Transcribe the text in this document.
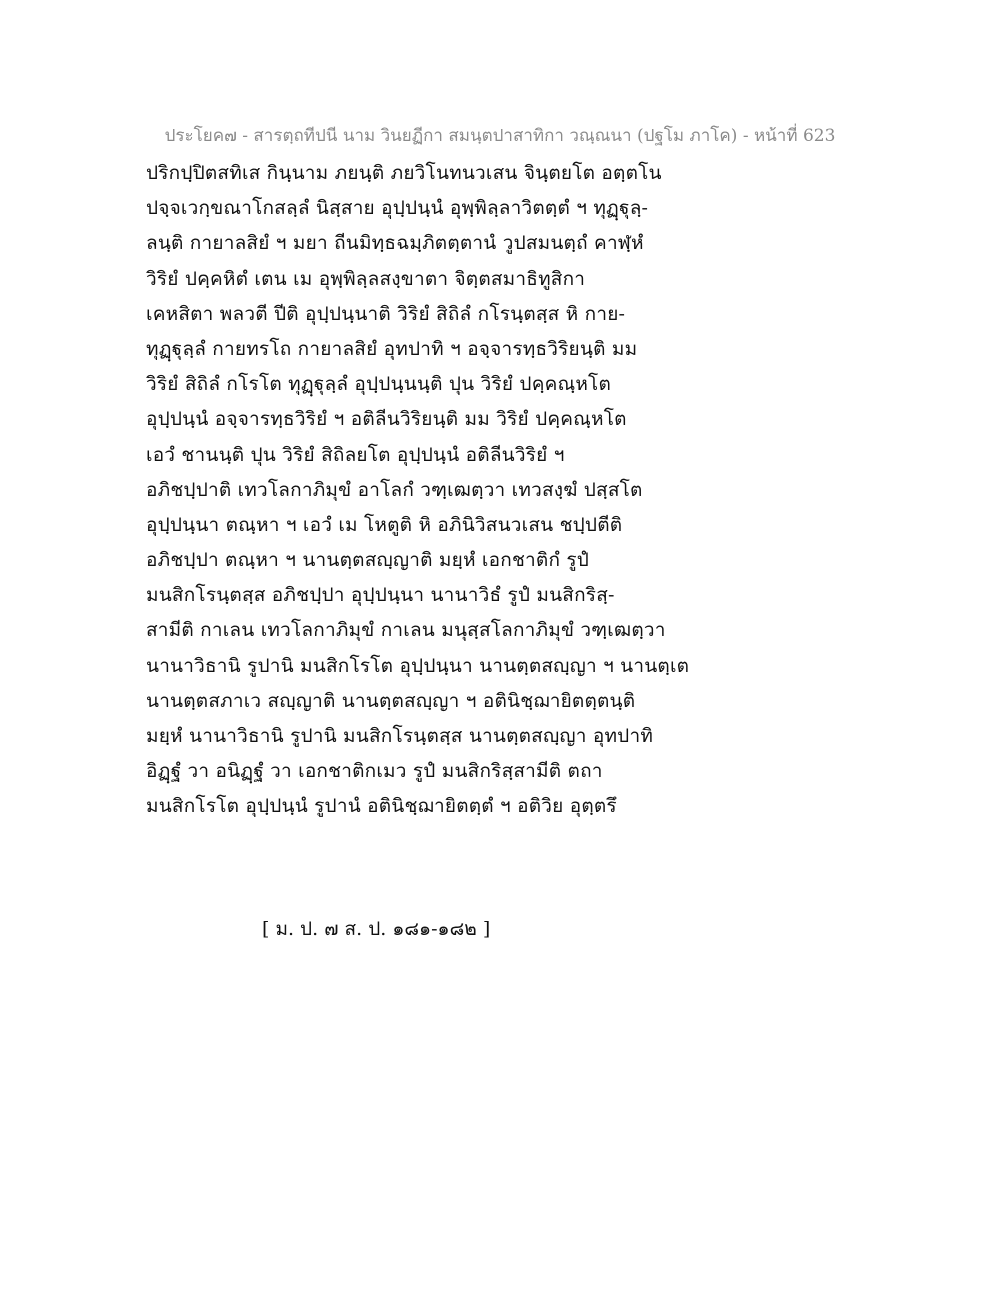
ประโยค๗ - สารตฺถทีปนี นาม วินยฏีกา สมนฺตปาสาทิกา วณฺณนา (ปฐโม ภาโค) - หน้าที่ 623
ปริกปฺปิตสทิเส กินฺนาม ภยนฺติ ภยวิโนทนวเสน จินฺตยโต อตฺตโน
ปจฺจเวกฺขณาโกสลฺลํ นิสฺสาย อุปฺปนฺนํ อุพฺพิลฺลาวิตตฺตํ ฯ ทุฏฺฐุลฺ-
ลนฺติ กายาลสิยํ ฯ มยา ถีนมิทฺธฉมฺภิตตฺตานํ วูปสมนตฺถํ คาฬฺหํ
วิริยํ ปคฺคหิตํ เตน เม อุพฺพิลฺลสงฺขาตา จิตฺตสมาธิทูสิกา
เคหสิตา พลวตี ปีติ อุปฺปนฺนาติ วิริยํ สิถิลํ กโรนฺตสฺส หิ กาย-
ทุฏฺฐุลฺลํ กายทรโถ กายาลสิยํ อุทปาทิ ฯ อจฺจารทฺธวิริยนฺติ มม
วิริยํ สิถิลํ กโรโต ทุฏฺฐุลฺลํ อุปฺปนฺนนฺติ ปุน วิริยํ ปคฺคณฺหโต
อุปฺปนฺนํ อจฺจารทฺธวิริยํ ฯ อติลีนวิริยนฺติ มม วิริยํ ปคฺคณฺหโต
เอวํ ชานนฺติ ปุน วิริยํ สิถิลยโต อุปฺปนฺนํ อติลีนวิริยํ ฯ
อภิชปฺปาติ เทวโลกาภิมุขํ อาโลกํ วฑฺเฒตฺวา เทวสงฺฆํ ปสฺสโต
อุปฺปนฺนา ตณฺหา ฯ เอวํ เม โหตูติ หิ อภินิวิสนวเสน ชปฺปตีติ
อภิชปฺปา ตณฺหา ฯ นานตฺตสญฺญาติ มยฺหํ เอกชาติกํ รูปํ
มนสิกโรนฺตสฺส อภิชปฺปา อุปฺปนฺนา นานาวิธํ รูปํ มนสิกริสฺ-
สามีติ กาเลน เทวโลกาภิมุขํ กาเลน มนุสฺสโลกาภิมุขํ วฑฺเฒตฺวา
นานาวิธานิ รูปานิ มนสิกโรโต อุปฺปนฺนา นานตฺตสญฺญา ฯ นานตฺเต
นานตฺตสภาเว สญฺญาติ นานตฺตสญฺญา ฯ อตินิชฺฌายิตตฺตนฺติ
มยฺหํ นานาวิธานิ รูปานิ มนสิกโรนฺตสฺส นานตฺตสญฺญา อุทปาทิ
อิฏฺฐํ วา อนิฏฺฐํ วา เอกชาติกเมว รูปํ มนสิกริสฺสามีติ ตถา
มนสิกโรโต อุปฺปนฺนํ รูปานํ อตินิชฺฌายิตตฺตํ ฯ อติวิย อุตฺตรึ
[ ม. ป. ๗ ส. ป. ๑๘๑-๑๘๒ ]
